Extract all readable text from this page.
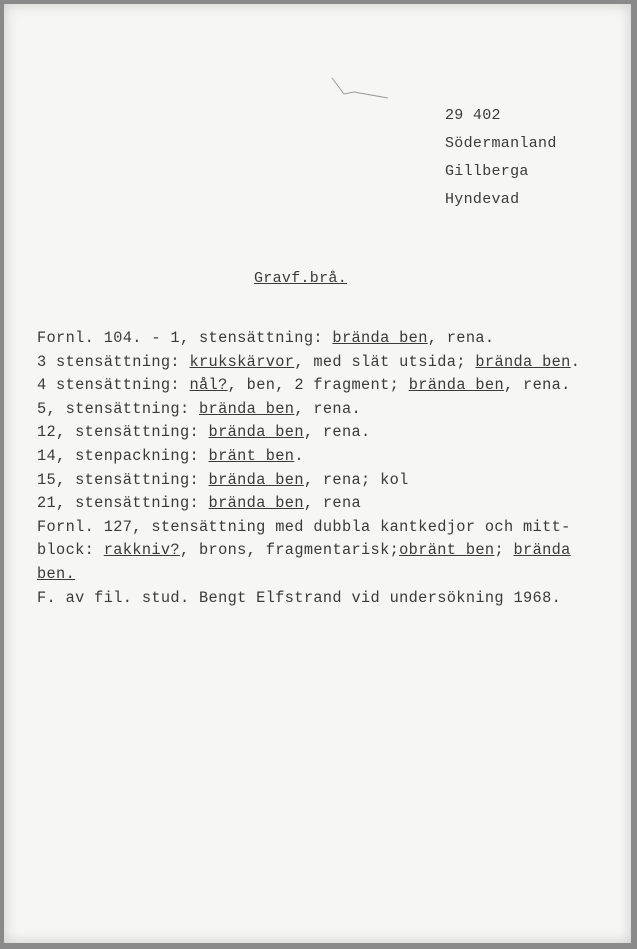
29 402
Södermanland
Gillberga
Hyndevad
Gravf.brå.
Fornl. 104. - 1, stensättning: brända ben, rena.
3 stensättning: krukskärvor, med slät utsida; brända ben.
4 stensättning: nål?, ben, 2 fragment; brända ben, rena.
5, stensättning: brända ben, rena.
12, stensättning: brända ben, rena.
14, stenpackning: bränt ben.
15, stensättning: brända ben, rena; kol
21, stensättning: brända ben, rena
Fornl. 127, stensättning med dubbla kantkedjor och mitt-
block: rakkniv?, brons, fragmentarisk;obränt ben; brända
ben.
F. av fil. stud. Bengt Elfstrand vid undersökning 1968.
